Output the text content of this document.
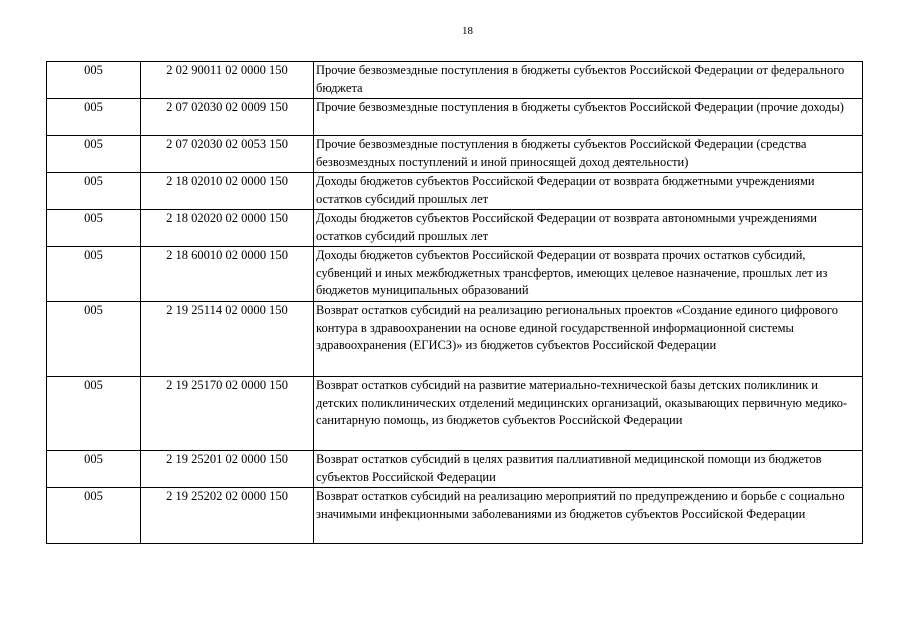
18
005	2 02 90011 02 0000 150	Прочие безвозмездные поступления в бюджеты субъектов Российской Федерации от федерального бюджета
005	2 07 02030 02 0009 150	Прочие безвозмездные поступления в бюджеты субъектов Российской Федерации (прочие доходы)
005	2 07 02030 02 0053 150	Прочие безвозмездные поступления в бюджеты субъектов Российской Федерации (средства безвозмездных поступлений и иной приносящей доход деятельности)
005	2 18 02010 02 0000 150	Доходы бюджетов субъектов Российской Федерации от возврата бюджетными учреждениями остатков субсидий прошлых лет
005	2 18 02020 02 0000 150	Доходы бюджетов субъектов Российской Федерации от возврата автономными учреждениями остатков субсидий прошлых лет
005	2 18 60010 02 0000 150	Доходы бюджетов субъектов Российской Федерации от возврата прочих остатков субсидий, субвенций и иных межбюджетных трансфертов, имеющих целевое назначение, прошлых лет из бюджетов муниципальных образований
005	2 19 25114 02 0000 150	Возврат остатков субсидий на реализацию региональных проектов «Создание единого цифрового контура в здравоохранении на основе единой государственной информационной системы здравоохранения (ЕГИСЗ)» из бюджетов субъектов Российской Федерации
005	2 19 25170 02 0000 150	Возврат остатков субсидий на развитие материально-технической базы детских поликлиник и детских поликлинических отделений медицинских организаций, оказывающих первичную медико-санитарную помощь, из бюджетов субъектов Российской Федерации
005	2 19 25201 02 0000 150	Возврат остатков субсидий в целях развития паллиативной медицинской помощи из бюджетов субъектов Российской Федерации
005	2 19 25202 02 0000 150	Возврат остатков субсидий на реализацию мероприятий по предупреждению и борьбе с социально значимыми инфекционными заболеваниями из бюджетов субъектов Российской Федерации
